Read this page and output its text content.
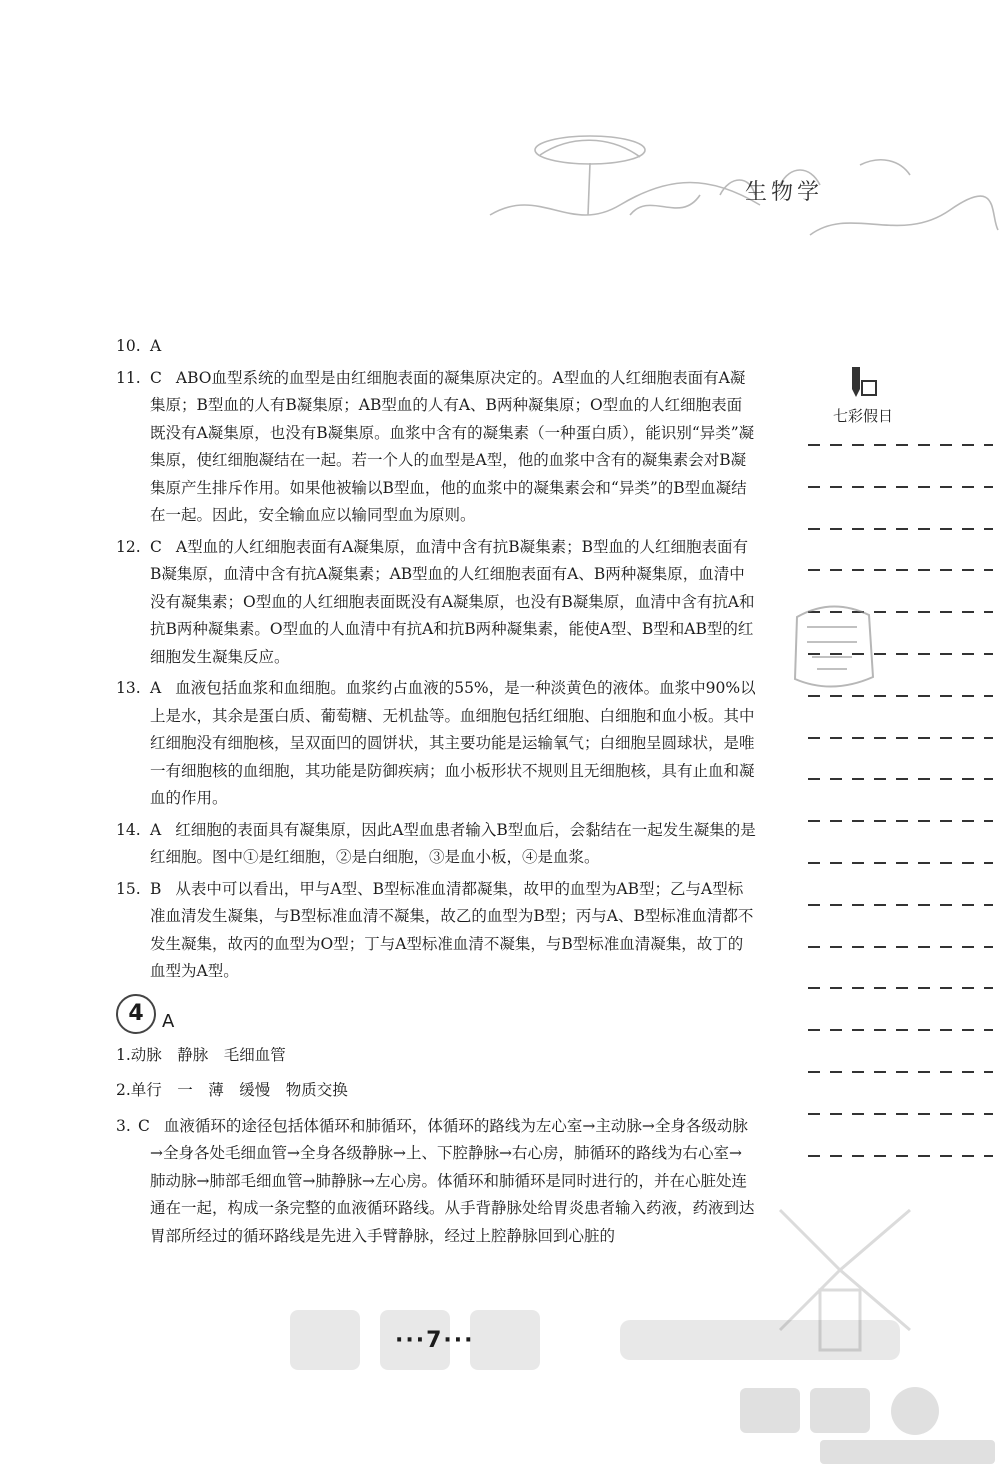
生物学
七彩假日
10. A
11. C ABO血型系统的血型是由红细胞表面的凝集原决定的。A型血的人红细胞表面有A凝集原；B型血的人有B凝集原；AB型血的人有A、B两种凝集原；O型血的人红细胞表面既没有A凝集原，也没有B凝集原。血浆中含有的凝集素（一种蛋白质），能识别“异类”凝集原，使红细胞凝结在一起。若一个人的血型是A型，他的血浆中含有的凝集素会对B凝集原产生排斥作用。如果他被输以B型血，他的血浆中的凝集素会和“异类”的B型血凝结在一起。因此，安全输血应以输同型血为原则。
12. C A型血的人红细胞表面有A凝集原，血清中含有抗B凝集素；B型血的人红细胞表面有B凝集原，血清中含有抗A凝集素；AB型血的人红细胞表面有A、B两种凝集原，血清中没有凝集素；O型血的人红细胞表面既没有A凝集原，也没有B凝集原，血清中含有抗A和抗B两种凝集素。O型血的人血清中有抗A和抗B两种凝集素，能使A型、B型和AB型的红细胞发生凝集反应。
13. A 血液包括血浆和血细胞。血浆约占血液的55%，是一种淡黄色的液体。血浆中90%以上是水，其余是蛋白质、葡萄糖、无机盐等。血细胞包括红细胞、白细胞和血小板。其中红细胞没有细胞核，呈双面凹的圆饼状，其主要功能是运输氧气；白细胞呈圆球状，是唯一有细胞核的血细胞，其功能是防御疾病；血小板形状不规则且无细胞核，具有止血和凝血的作用。
14. A 红细胞的表面具有凝集原，因此A型血患者输入B型血后，会黏结在一起发生凝集的是红细胞。图中①是红细胞，②是白细胞，③是血小板，④是血浆。
15. B 从表中可以看出，甲与A型、B型标准血清都凝集，故甲的血型为AB型；乙与A型标准血清发生凝集，与B型标准血清不凝集，故乙的血型为B型；丙与A、B型标准血清都不发生凝集，故丙的血型为O型；丁与A型标准血清不凝集，与B型标准血清凝集，故丁的血型为A型。
4	A
1.动脉　静脉　毛细血管
2.单行　一　薄　缓慢　物质交换
3. C 血液循环的途径包括体循环和肺循环，体循环的路线为左心室→主动脉→全身各级动脉→全身各处毛细血管→全身各级静脉→上、下腔静脉→右心房，肺循环的路线为右心室→肺动脉→肺部毛细血管→肺静脉→左心房。体循环和肺循环是同时进行的，并在心脏处连通在一起，构成一条完整的血液循环路线。从手背静脉处给胃炎患者输入药液，药液到达胃部所经过的循环路线是先进入手臂静脉，经过上腔静脉回到心脏的
···7···
